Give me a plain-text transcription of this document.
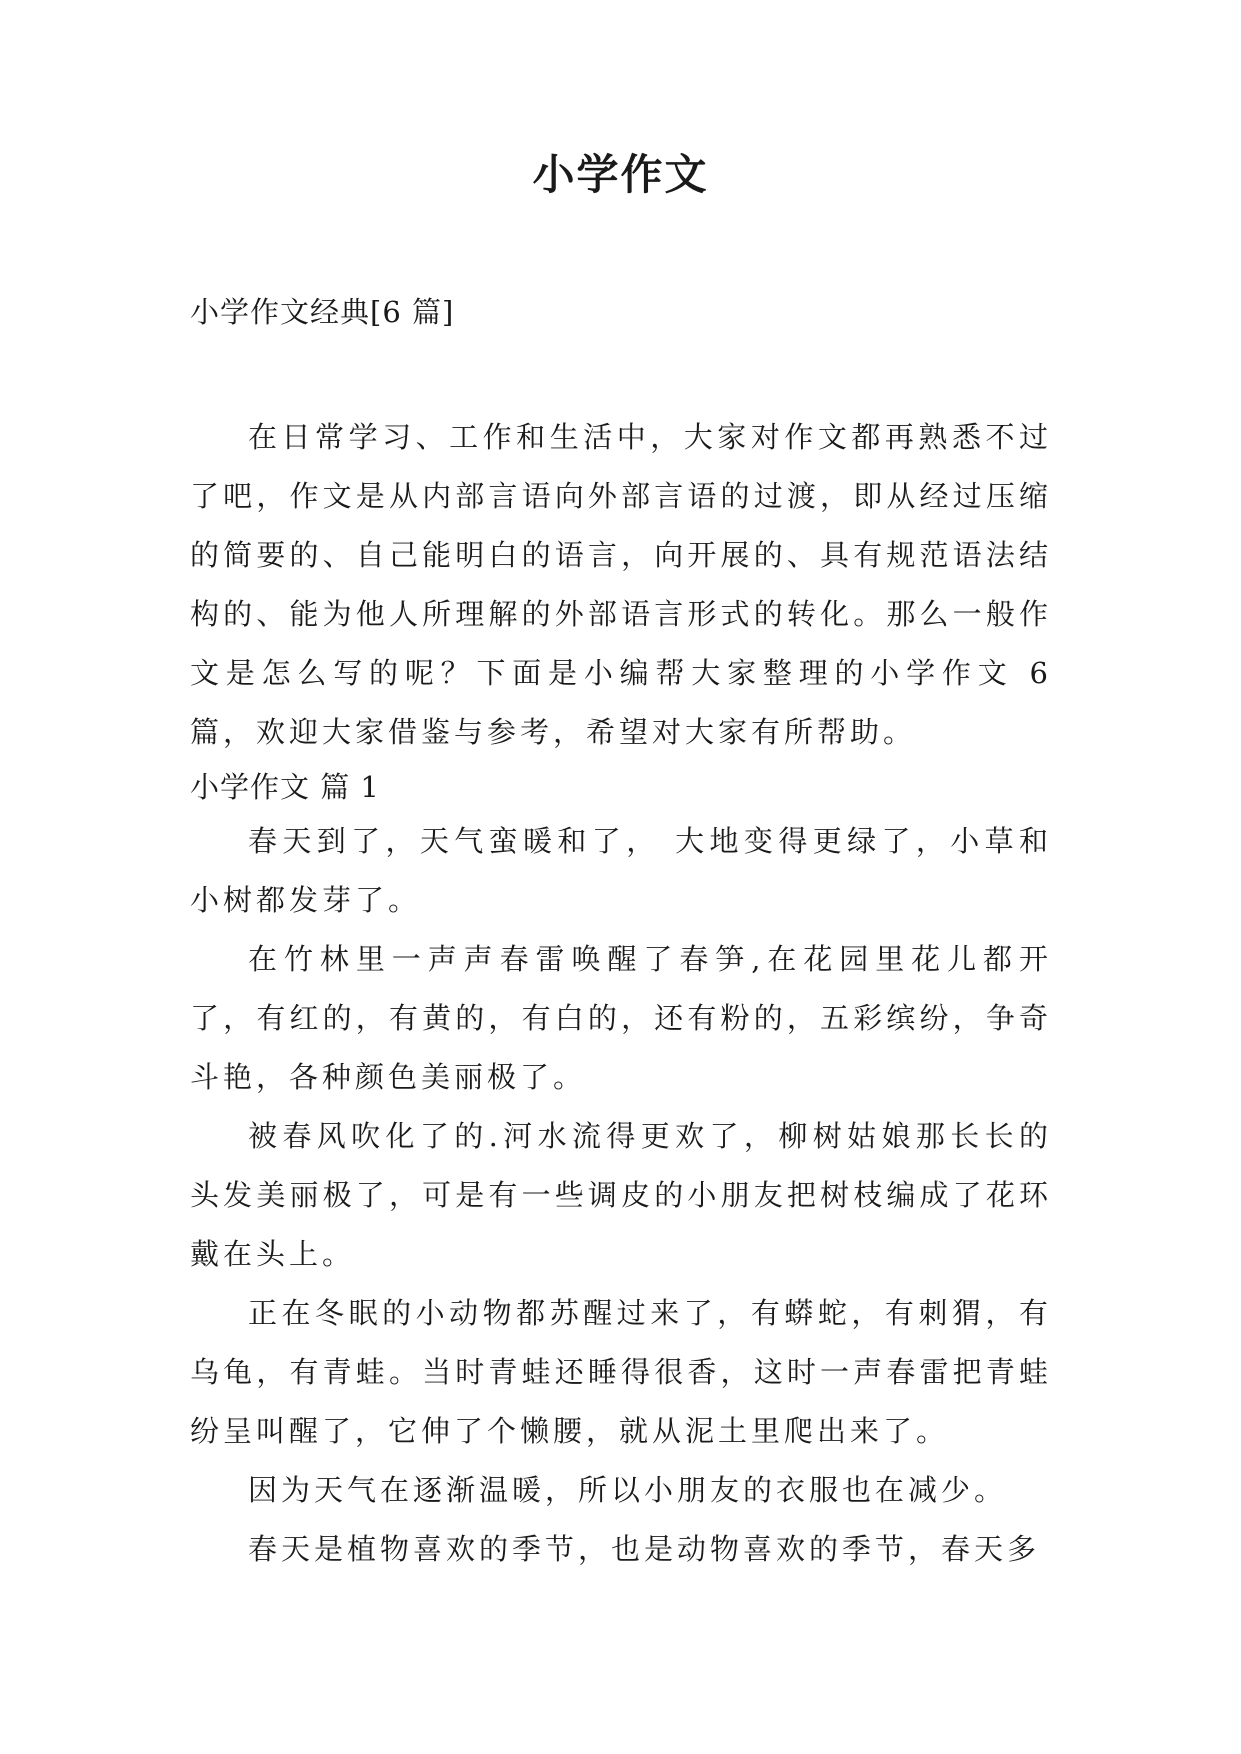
小学作文

小学作文经典[6 篇]

在日常学习、工作和生活中，大家对作文都再熟悉不过了吧，作文是从内部言语向外部言语的过渡，即从经过压缩的简要的、自己能明白的语言，向开展的、具有规范语法结构的、能为他人所理解的外部语言形式的转化。那么一般作文是怎么写的呢？下面是小编帮大家整理的小学作文 6 篇，欢迎大家借鉴与参考，希望对大家有所帮助。

小学作文 篇 1

春天到了，天气蛮暖和了， 大地变得更绿了，小草和小树都发芽了。

在竹林里一声声春雷唤醒了春笋,在花园里花儿都开了，有红的，有黄的，有白的，还有粉的，五彩缤纷，争奇斗艳，各种颜色美丽极了。

被春风吹化了的.河水流得更欢了，柳树姑娘那长长的头发美丽极了，可是有一些调皮的小朋友把树枝编成了花环戴在头上。

正在冬眠的小动物都苏醒过来了，有蟒蛇，有刺猬，有乌龟，有青蛙。当时青蛙还睡得很香，这时一声春雷把青蛙纷呈叫醒了，它伸了个懒腰，就从泥土里爬出来了。

因为天气在逐渐温暖，所以小朋友的衣服也在减少。

春天是植物喜欢的季节，也是动物喜欢的季节，春天多
